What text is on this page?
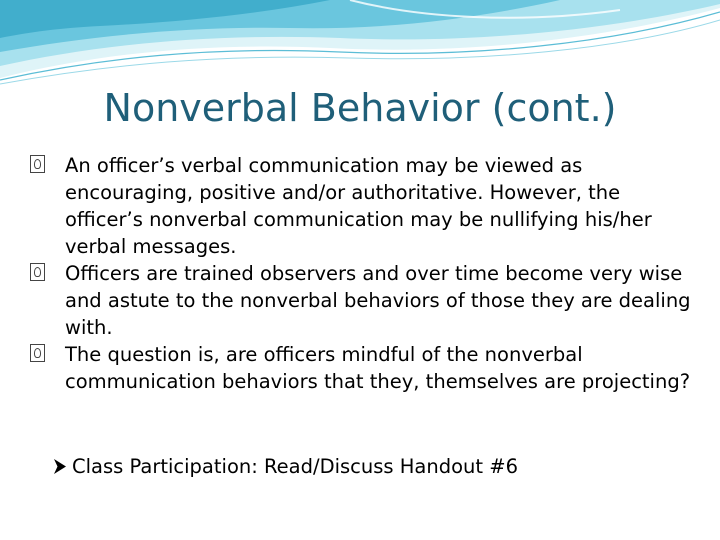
Nonverbal Behavior (cont.)

An officer’s verbal communication may be viewed as encouraging, positive and/or authoritative. However, the officer’s nonverbal communication may be nullifying his/her verbal messages.

Officers are trained observers and over time become very wise and astute to the nonverbal behaviors of those they are dealing with.

The question is, are officers mindful of the nonverbal communication behaviors that they, themselves are projecting?

Class Participation: Read/Discuss Handout #6
